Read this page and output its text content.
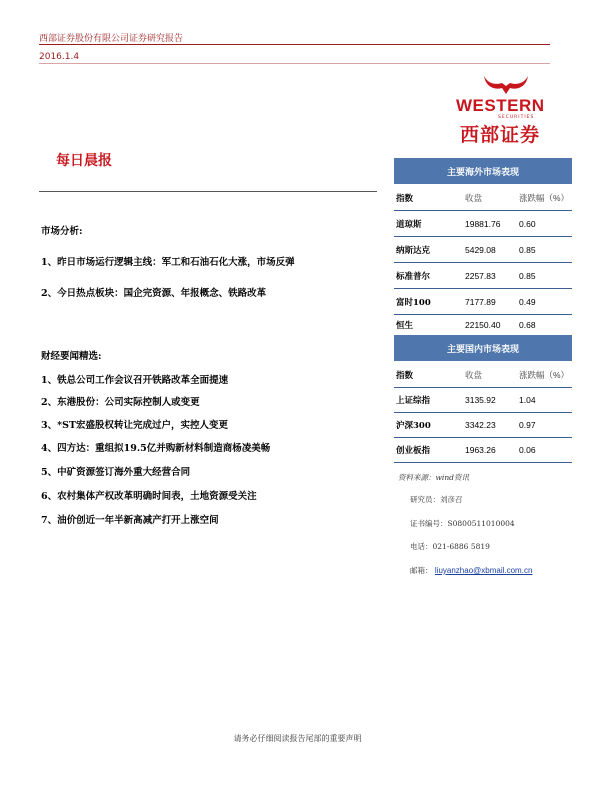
西部证券股份有限公司证券研究报告
2016.1.4
WESTERN
SECURITIES
西部证券
每日晨报
市场分析:
1、昨日市场运行逻辑主线：军工和石油石化大涨，市场反弹
2、今日热点板块：国企完资源、年报概念、铁路改革
财经要闻精选:
1、铁总公司工作会议召开铁路改革全面提速
2、东港股份：公司实际控制人或变更
3、*ST宏盛股权转让完成过户，实控人变更
4、四方达：重组拟19.5亿并购新材料制造商杨凌美畅
5、中矿资源签订海外重大经营合同
6、农村集体产权改革明确时间表，土地资源受关注
7、油价创近一年半新高减产打开上涨空间
主要海外市场表现
指数	收盘	涨跌幅（%）
道琼斯	19881.76 0.60
纳斯达克	5429.08	0.85
标准普尔	2257.83	0.85
富时100	7177.89	0.49
恒生	22150.40 0.68
主要国内市场表现
指数	收盘	涨跌幅（%）
上证综指	3135.92	1.04
沪深300	3342.23	0.97
创业板指	1963.26	0.06
资料来源：wind资讯
研究员：刘彦召
证书编号：S0800511010004
电话：021-6886 5819
邮箱： liuyanzhao@xbmail.com.cn
请务必仔细阅读报告尾部的重要声明
